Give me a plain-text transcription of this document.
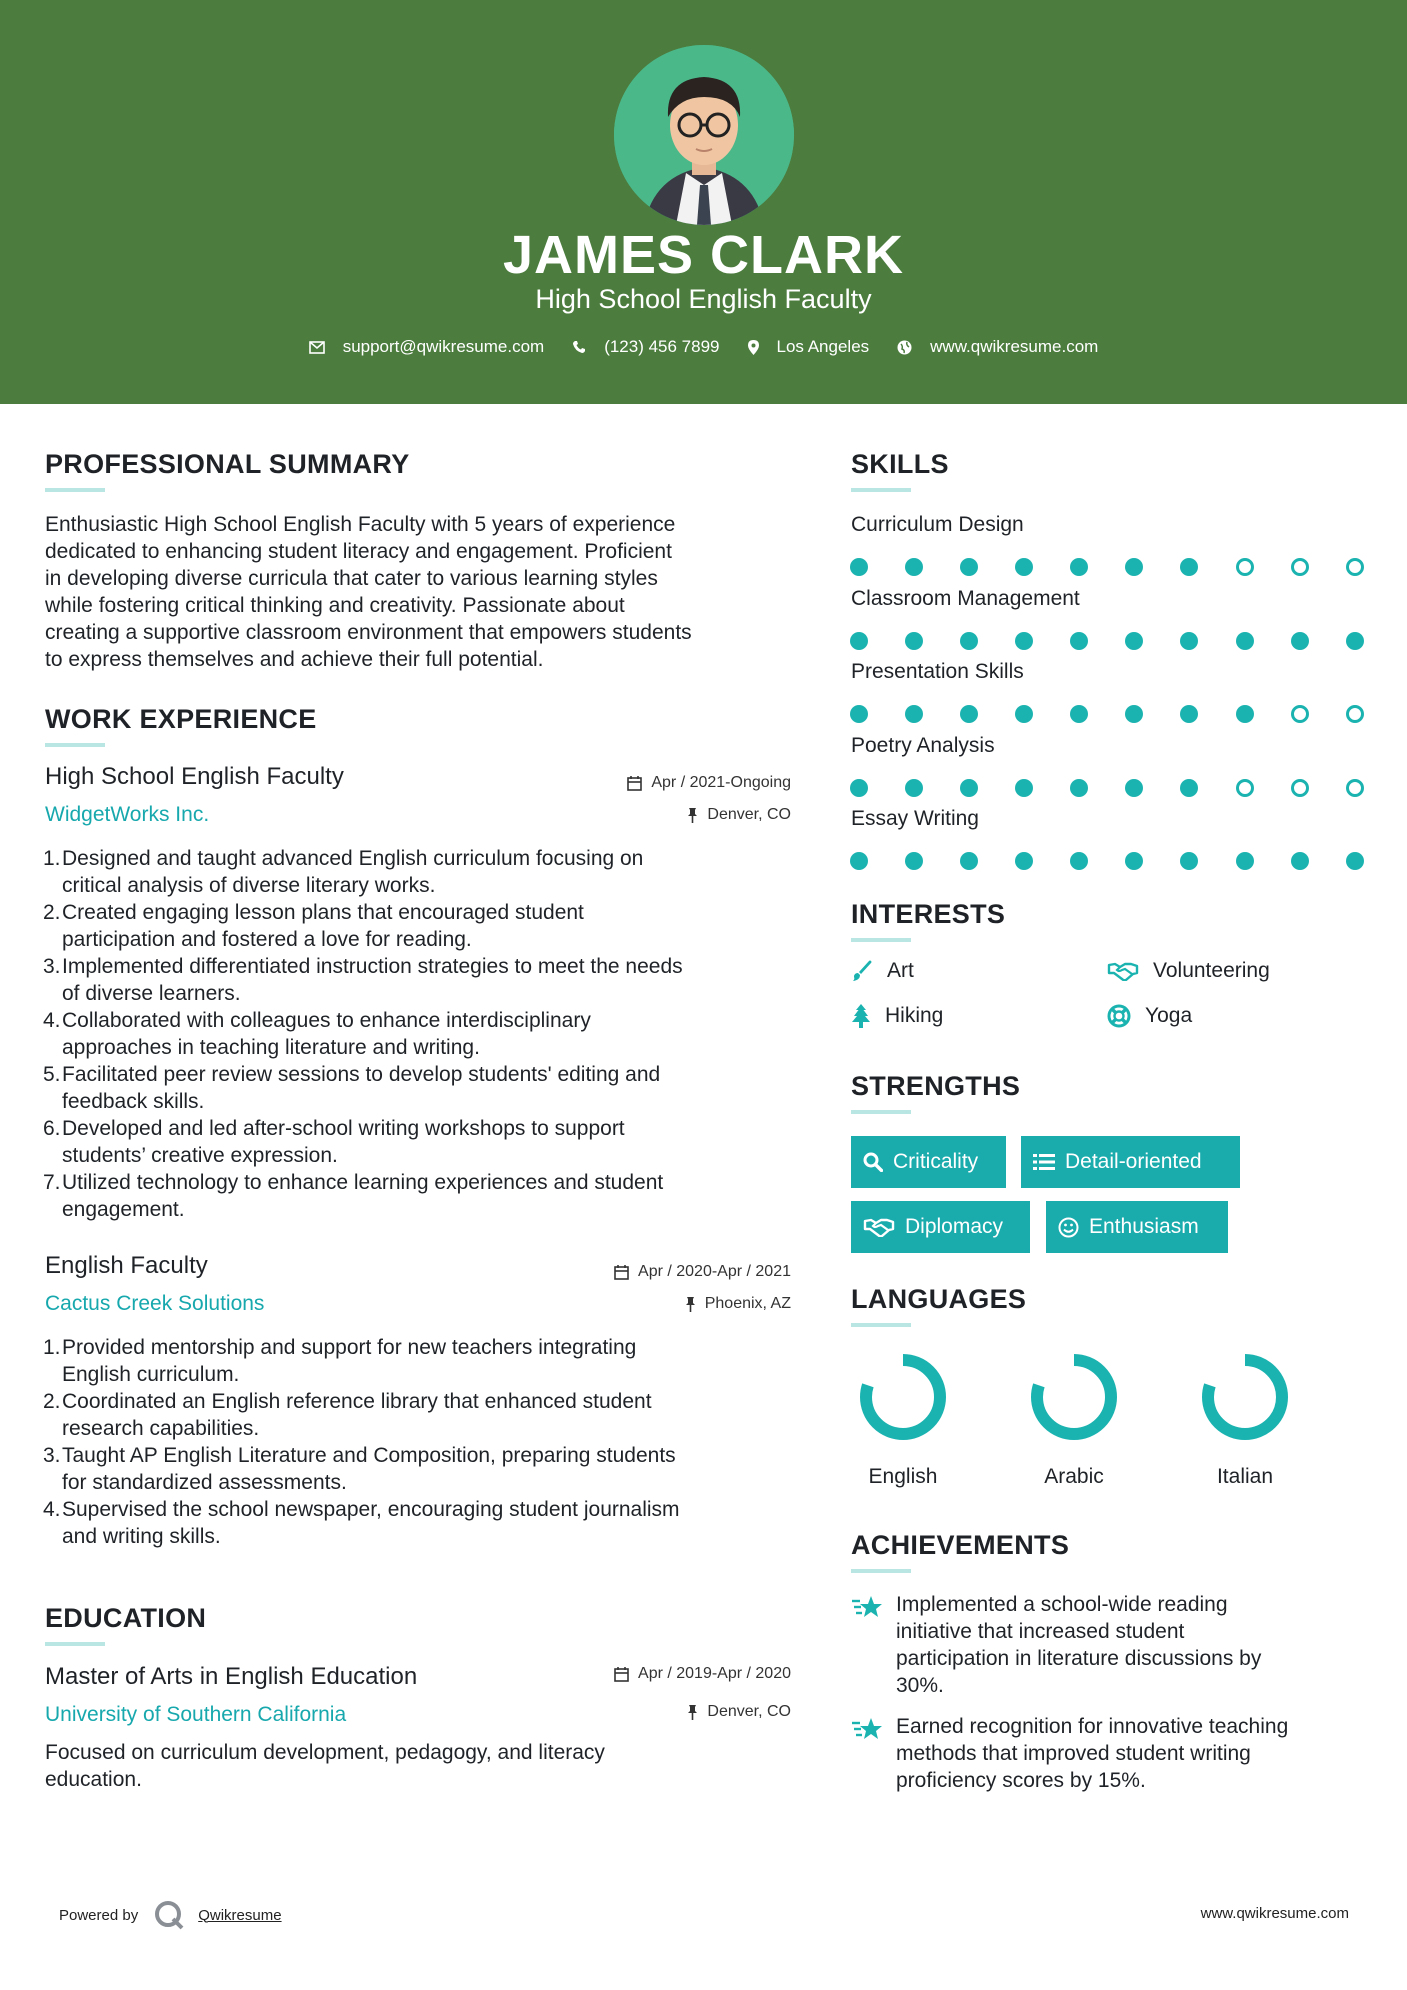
JAMES CLARK
High School English Faculty
support@qwikresume.com	(123) 456 7899	Los Angeles	www.qwikresume.com
PROFESSIONAL SUMMARY
Enthusiastic High School English Faculty with 5 years of experience
dedicated to enhancing student literacy and engagement. Proficient
in developing diverse curricula that cater to various learning styles
while fostering critical thinking and creativity. Passionate about
creating a supportive classroom environment that empowers students
to express themselves and achieve their full potential.
WORK EXPERIENCE
High School English Faculty
WidgetWorks Inc.
Apr / 2021-Ongoing
Denver, CO
1. Designed and taught advanced English curriculum focusing on
critical analysis of diverse literary works.
2. Created engaging lesson plans that encouraged student
participation and fostered a love for reading.
3. Implemented differentiated instruction strategies to meet the needs
of diverse learners.
4. Collaborated with colleagues to enhance interdisciplinary
approaches in teaching literature and writing.
5. Facilitated peer review sessions to develop students' editing and
feedback skills.
6. Developed and led after-school writing workshops to support
students’ creative expression.
7. Utilized technology to enhance learning experiences and student
engagement.
English Faculty
Cactus Creek Solutions
Apr / 2020-Apr / 2021
Phoenix, AZ
1. Provided mentorship and support for new teachers integrating
English curriculum.
2. Coordinated an English reference library that enhanced student
research capabilities.
3. Taught AP English Literature and Composition, preparing students
for standardized assessments.
4. Supervised the school newspaper, encouraging student journalism
and writing skills.
EDUCATION
Master of Arts in English Education
University of Southern California
Apr / 2019-Apr / 2020
Denver, CO
Focused on curriculum development, pedagogy, and literacy
education.
SKILLS
Curriculum Design
Classroom Management
Presentation Skills
Poetry Analysis
Essay Writing
INTERESTS
Art	Volunteering
Hiking	Yoga
STRENGTHS
Criticality	Detail-oriented
Diplomacy	Enthusiasm
LANGUAGES
English	Arabic	Italian
ACHIEVEMENTS
Implemented a school-wide reading
initiative that increased student
participation in literature discussions by
30%.
Earned recognition for innovative teaching
methods that improved student writing
proficiency scores by 15%.
Powered by	Qwikresume	www.qwikresume.com
